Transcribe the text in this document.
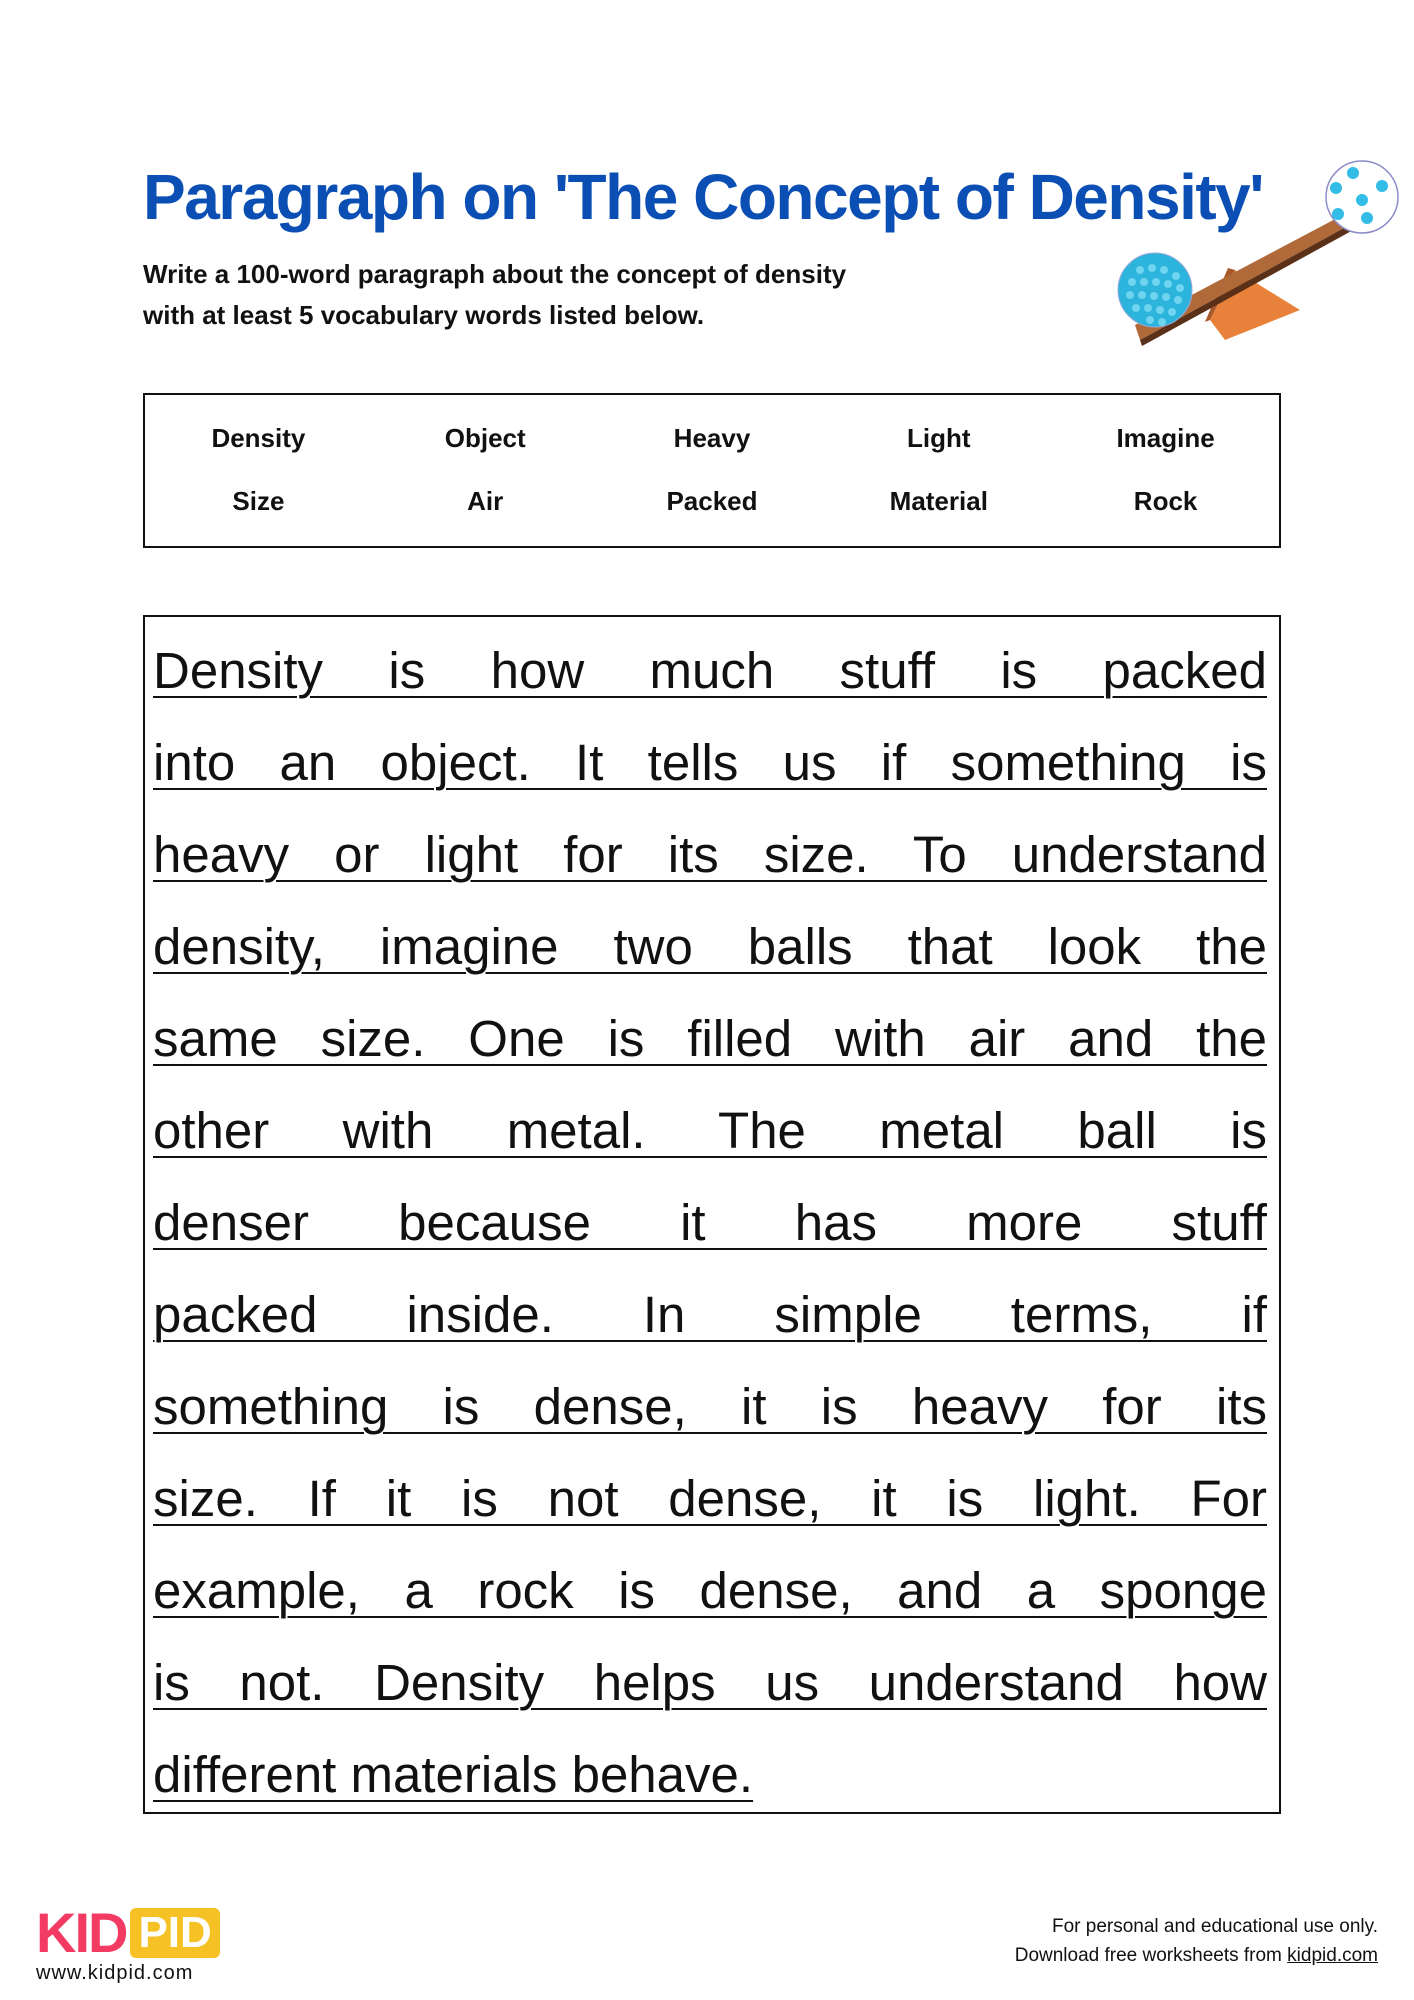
Paragraph on 'The Concept of Density'
Write a 100-word paragraph about the concept of density
with at least 5 vocabulary words listed below.
Density	Object	Heavy	Light	Imagine
Size	Air	Packed	Material	Rock
Density is how much stuff is packed
into an object. It tells us if something is
heavy or light for its size. To understand
density, imagine two balls that look the
same size. One is filled with air and the
other with metal. The metal ball is
denser because it has more stuff
packed inside. In simple terms, if
something is dense, it is heavy for its
size. If it is not dense, it is light. For
example, a rock is dense, and a sponge
is not. Density helps us understand how
different materials behave.
KID PID
www.kidpid.com
For personal and educational use only.
Download free worksheets from kidpid.com
